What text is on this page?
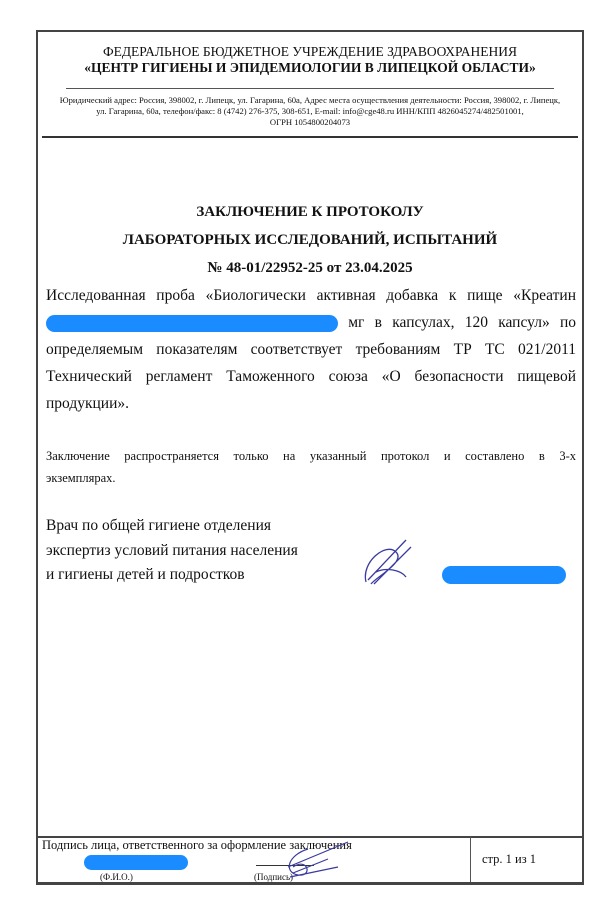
ФЕДЕРАЛЬНОЕ БЮДЖЕТНОЕ УЧРЕЖДЕНИЕ ЗДРАВООХРАНЕНИЯ
«ЦЕНТР ГИГИЕНЫ И ЭПИДЕМИОЛОГИИ В ЛИПЕЦКОЙ ОБЛАСТИ»
Юридический адрес: Россия, 398002, г. Липецк, ул. Гагарина, 60а, Адрес места осуществления деятельности: Россия, 398002, г. Липецк,
ул. Гагарина, 60а, телефон/факс: 8 (4742) 276-375, 308-651, E-mail: info@cge48.ru ИНН/КПП 4826045274/482501001,
ОГРН 1054800204073
ЗАКЛЮЧЕНИЕ К ПРОТОКОЛУ
ЛАБОРАТОРНЫХ ИССЛЕДОВАНИЙ, ИСПЫТАНИЙ
№ 48-01/22952-25 от 23.04.2025
Исследованная проба «Биологически активная добавка к пище «Креатин
мг в капсулах, 120 капсул» по
определяемым показателям соответствует требованиям ТР ТС 021/2011
Технический регламент Таможенного союза «О безопасности пищевой
продукции».
Заключение распространяется только на указанный протокол и составлено в 3-х
экземплярах.
Врач по общей гигиене отделения
экспертиз условий питания населения
и гигиены детей и подростков
Подпись лица, ответственного за оформление заключения
(Ф.И.О.)	(Подпись)
стр. 1 из 1
